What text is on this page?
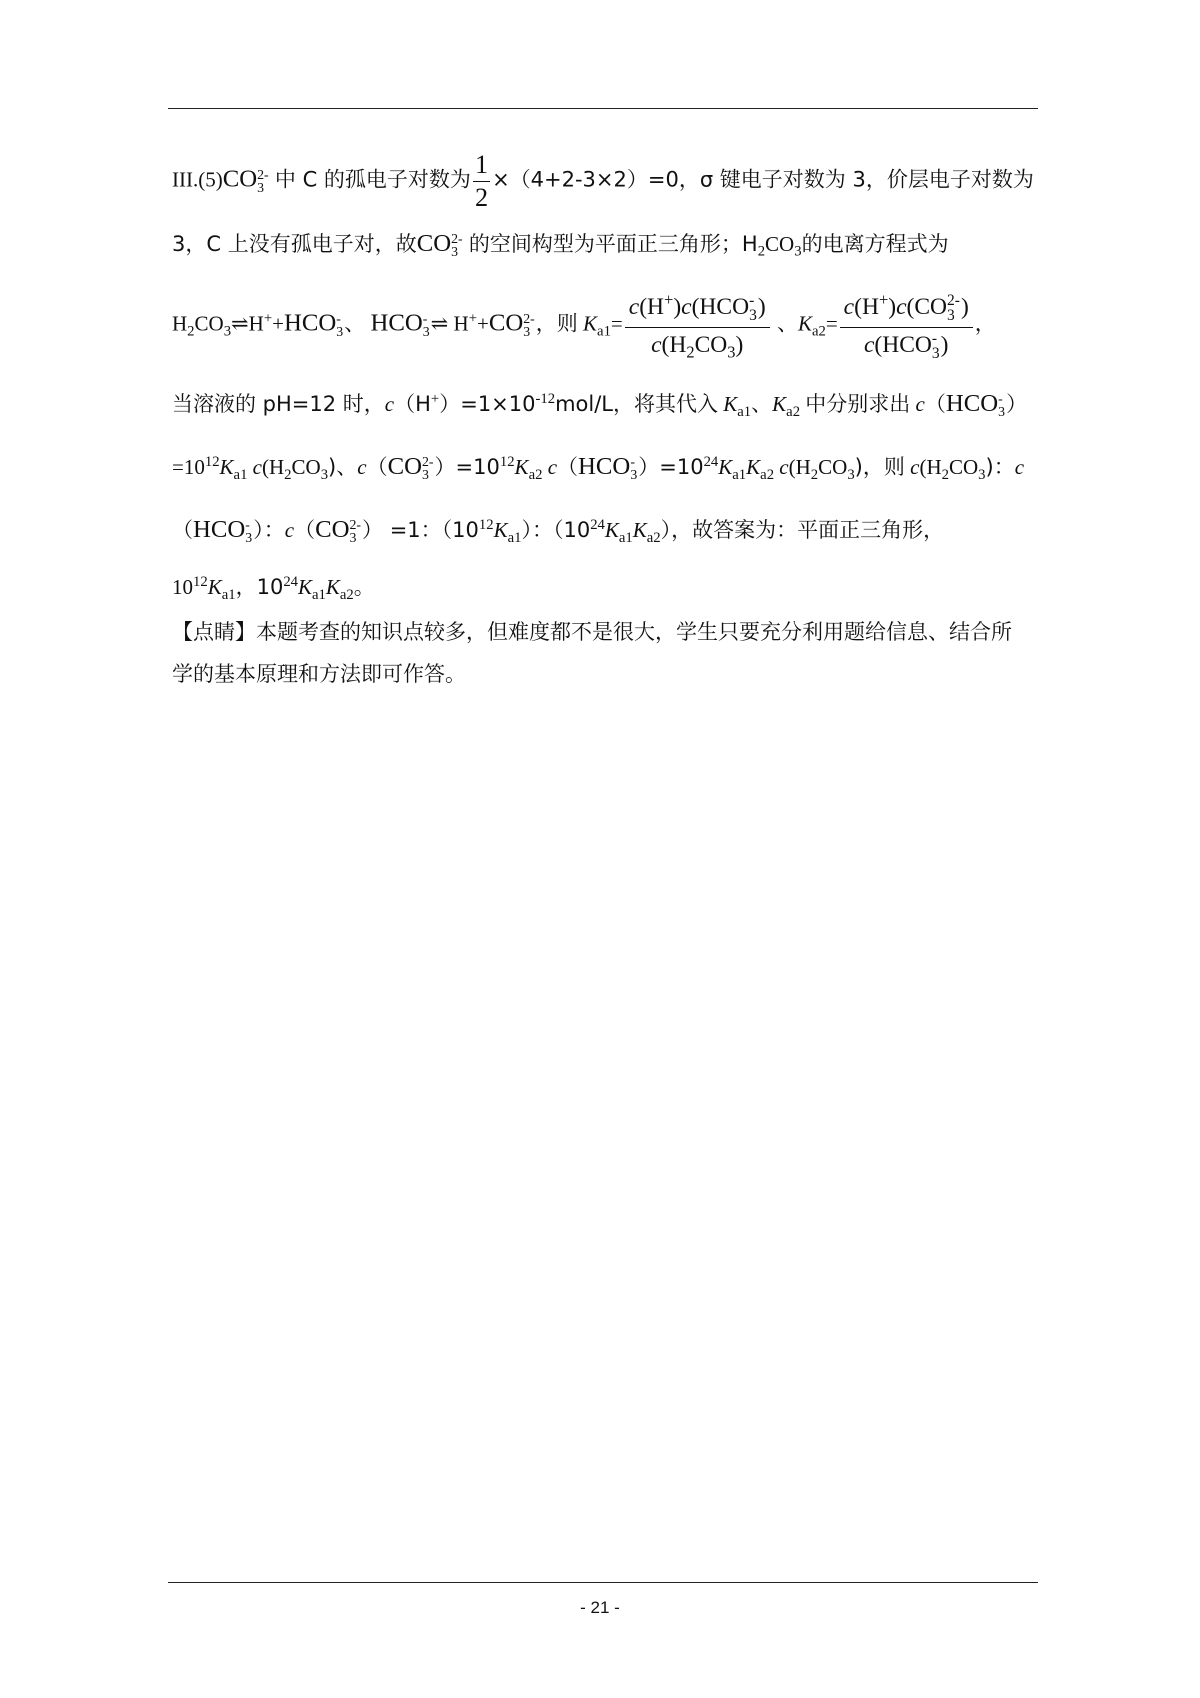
III.(5)CO 2-
3 中 C 的孤电子对数为 $\frac{1}{2} \times(4+2-3\times 2)=0$，σ 键电子对数为 3，价层电子对数为
3，C 上没有孤电子对，故CO 2-
3 的空间构型为平面正三角形；$H_2CO_3$的电离方程式为
$H_2CO_3\rightleftharpoons H^++HCO$ -
3 、 HCO -
3 ⇌ H++CO 2-
3 ，则 $K_{a1}= c(H^+)c(HCO$ -
3 )
$c(H_2CO_3)$ 、$K_{a2}= c(H^+)c(CO$ 2-
3 )
c(HCO -
3 ) ，
当溶液的 pH=12 时，$c(H^+)=1\times 10^{-12}mol/L$，将其代入 $K_{a1}$、$K_{a2}$ 中分别求出 c（HCO -
3 ）
$=10^{12}K_{a1}$ $c(H_2CO_3)$、c（CO 2-
3 ）$=10^{12}K_{a2}$ c（HCO -
3 ）$=10^{24}K_{a1}K_{a2}$ $c(H_2CO_3)$，则 $c(H_2CO_3)$：c
（HCO -
3 ）：c（CO 2-
3 ） =1：$(10^{12}K_{a1})$：$(10^{24}K_{a1}K_{a2})$，故答案为：平面正三角形，
$10^{12}K_{a1}$，$10^{24}K_{a1}K_{a2}$。
【点睛】本题考查的知识点较多，但难度都不是很大，学生只要充分利用题给信息、结合所
学的基本原理和方法即可作答。
- 21 -
